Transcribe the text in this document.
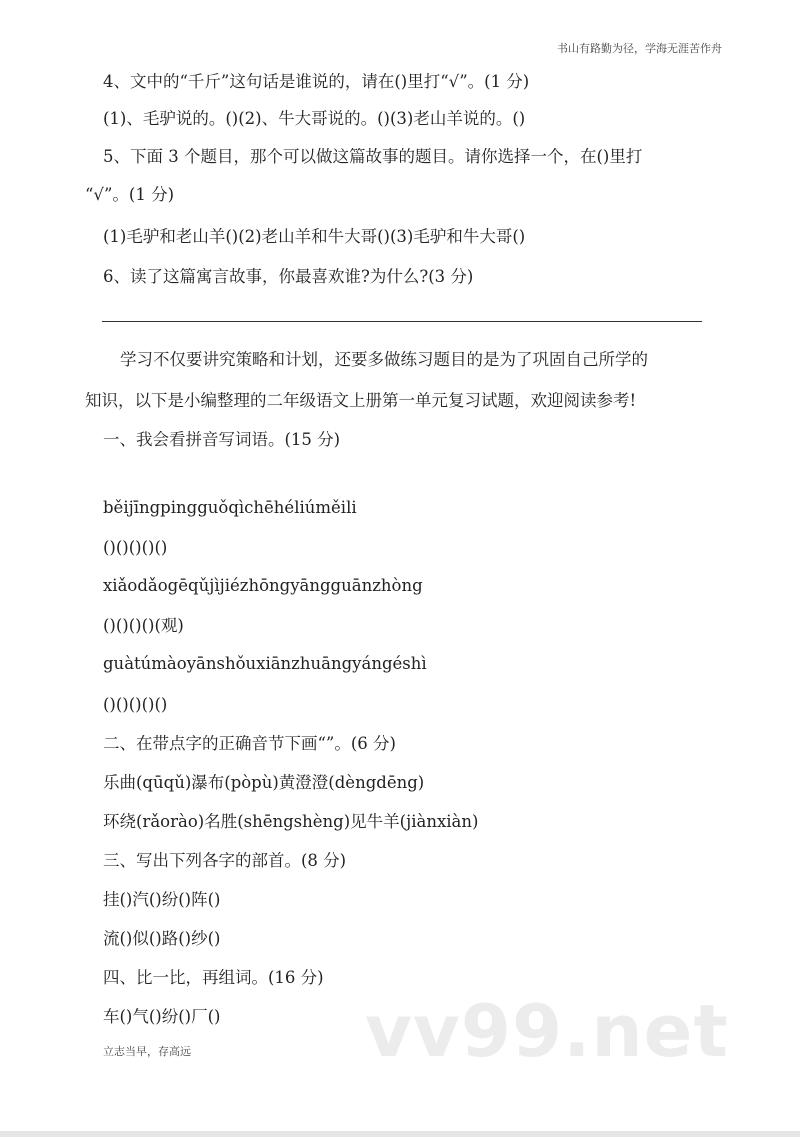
书山有路勤为径，学海无涯苦作舟
4、文中的“千斤”这句话是谁说的，请在()里打“√”。(1 分)
(1)、毛驴说的。()(2)、牛大哥说的。()(3)老山羊说的。()
5、下面 3 个题目，那个可以做这篇故事的题目。请你选择一个，在()里打
“√”。(1 分)
(1)毛驴和老山羊()(2)老山羊和牛大哥()(3)毛驴和牛大哥()
6、读了这篇寓言故事，你最喜欢谁?为什么?(3 分)
学习不仅要讲究策略和计划，还要多做练习题目的是为了巩固自己所学的
知识，以下是小编整理的二年级语文上册第一单元复习试题，欢迎阅读参考!
一、我会看拼音写词语。(15 分)
běijīngpingguǒqìchēhéliúměili
()()()()()
xiǎodǎogēqǔjìjiézhōngyāngguānzhòng
()()()()(观)
guàtúmàoyānshǒuxiānzhuāngyángéshì
()()()()()
二、在带点字的正确音节下画“”。(6 分)
乐曲(qūqǔ)瀑布(pòpù)黄澄澄(dèngdēng)
环绕(rǎorào)名胜(shēngshèng)见牛羊(jiànxiàn)
三、写出下列各字的部首。(8 分)
挂()汽()纷()阵()
流()似()路()纱()
四、比一比，再组词。(16 分)
车()气()纷()厂() vv99.net
立志当早，存高远
